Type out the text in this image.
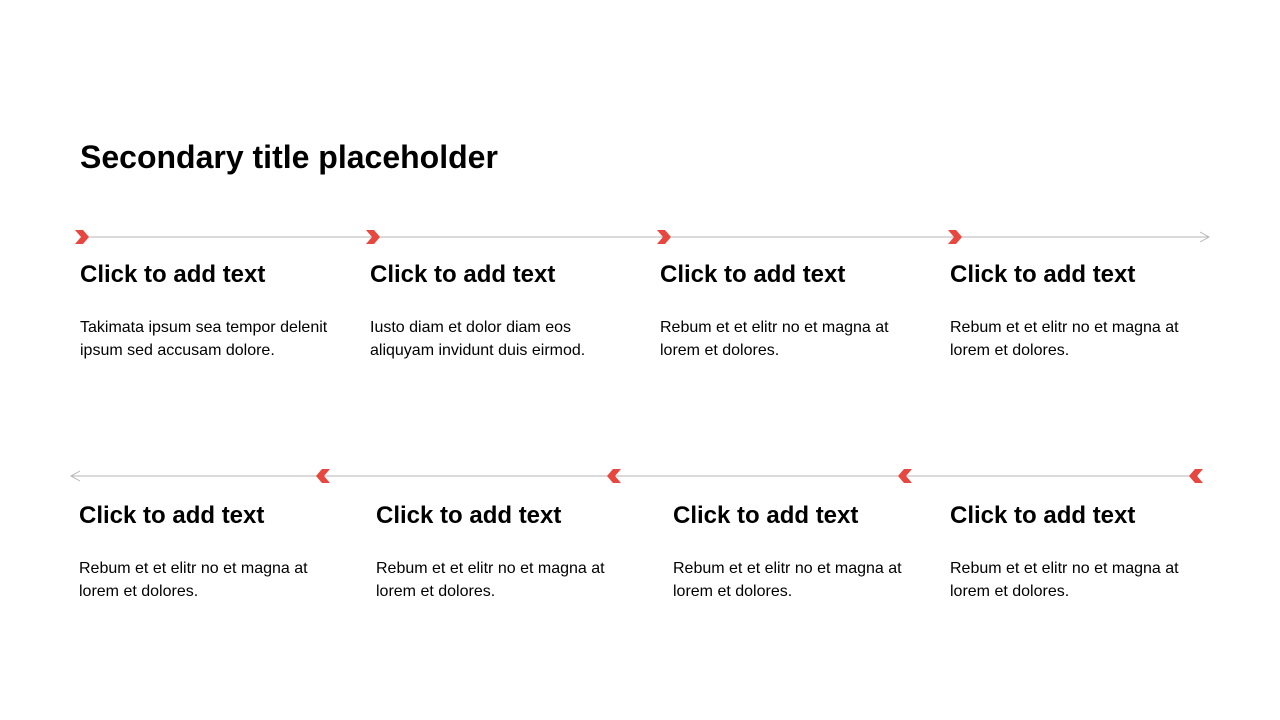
Secondary title placeholder
Click to add text

Takimata ipsum sea tempor delenit ipsum sed accusam dolore.

Click to add text

Iusto diam et dolor diam eos aliquyam invidunt duis eirmod.

Click to add text

Rebum et et elitr no et magna at lorem et dolores.

Click to add text

Rebum et et elitr no et magna at lorem et dolores.

Click to add text

Rebum et et elitr no et magna at lorem et dolores.

Click to add text

Rebum et et elitr no et magna at lorem et dolores.

Click to add text

Rebum et et elitr no et magna at lorem et dolores.

Click to add text

Rebum et et elitr no et magna at lorem et dolores.
